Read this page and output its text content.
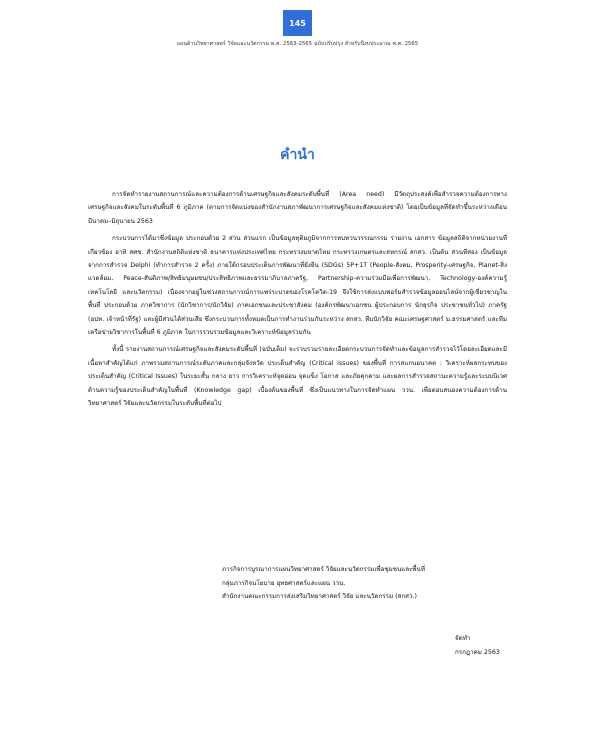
145
แผนด้านวิทยาศาสตร์ วิจัยและนวัตกรรม พ.ศ. 2563-2565 ฉบับปรับปรุง สำหรับปีงบประมาณ พ.ศ. 2565
คำนำ

การจัดทำรายงานสถานการณ์และความต้องการด้านเศรษฐกิจและสังคมระดับพื้นที่ (Area need) มีวัตถุประสงค์เพื่อสำรวจความต้องการทางเศรษฐกิจและสังคมในระดับพื้นที่ 6 ภูมิภาค (ตามการจัดแบ่งของสำนักงานสภาพัฒนาการเศรษฐกิจและสังคมแห่งชาติ) โดยเป็นข้อมูลที่จัดทำขึ้นระหว่างเดือนมีนาคม–มิถุนายน 2563

กระบวนการได้มาซึ่งข้อมูล ประกอบด้วย 2 ส่วน ส่วนแรก เป็นข้อมูลทุติยภูมิจากการทบทวนวรรณกรรม รายงาน เอกสาร ข้อมูลสถิติจากหน่วยงานที่เกี่ยวข้อง อาทิ สศช. สำนักงานสถิติแห่งชาติ ธนาคารแห่งประเทศไทย กระทรวงมหาดไทย กระทรวงเกษตรและสหกรณ์ สกสว. เป็นต้น ส่วนที่สอง เป็นข้อมูลจากการสำรวจ Delphi (ทำการสำรวจ 2 ครั้ง) ภายใต้กรอบประเด็นการพัฒนาที่ยั่งยืน (SDGs) 5P+1T (People-สังคม, Prosperity-เศรษฐกิจ, Planet-สิ่งแวดล้อม, Peace-สันติภาพ/สิทธิมนุษยชน/ประสิทธิภาพและธรรมาภิบาลภาครัฐ, Partnership-ความร่วมมือเพื่อการพัฒนา, Technology-องค์ความรู้ เทคโนโลยี และนวัตกรรม) เนื่องจากอยู่ในช่วงสถานการณ์การแพร่ระบาดของโรคโควิด-19 จึงใช้การส่งแบบฟอร์มสำรวจข้อมูลออนไลน์จากผู้เชี่ยวชาญในพื้นที่ ประกอบด้วย ภาควิชาการ (นักวิชาการ/นักวิจัย) ภาคเอกชนและประชาสังคม (องค์กรพัฒนาเอกชน ผู้ประกอบการ นักธุรกิจ ประชาชนทั่วไป) ภาครัฐ (อปท. เจ้าหน้าที่รัฐ) และผู้มีส่วนได้ส่วนเสีย ซึ่งกระบวนการทั้งหมดเป็นการทำงานร่วมกันระหว่าง สกสว. ทีมนักวิจัย คณะเศรษฐศาสตร์ ม.ธรรมศาสตร์ และทีมเครือข่ายวิชาการในพื้นที่ 6 ภูมิภาค ในการรวบรวมข้อมูลและวิเคราะห์ข้อมูลร่วมกัน

ทั้งนี้ รายงานสถานการณ์เศรษฐกิจและสังคมระดับพื้นที่ (ฉบับเต็ม) จะรวบรวมรายละเอียดกระบวนการจัดทำและข้อมูลการสำรวจไว้โดยละเอียดและมีเนื้อหาสำคัญได้แก่ ภาพรวมสถานการณ์ระดับภาคและกลุ่มจังหวัด ประเด็นสำคัญ (Critical issues) ของพื้นที่ การสแกนอนาคต : วิเคราะห์ผลกระทบของประเด็นสำคัญ (Critical Issues) ในระยะสั้น กลาง ยาว การวิเคราะห์จุดอ่อน จุดแข็ง โอกาส และภัยคุกคาม และผลการสำรวจสถานะความรู้และระบบนิเวศด้านความรู้ของประเด็นสำคัญในพื้นที่ (Knowledge gap) เบื้องต้นของพื้นที่ ซึ่งเป็นแนวทางในการจัดทำแผน ววน. เพื่อตอบสนองความต้องการด้านวิทยาศาสตร์ วิจัยและนวัตกรรมในระดับพื้นที่ต่อไป

ภารกิจการบูรณาการแผนวิทยาศาสตร์ วิจัยและนวัตกรรมเพื่อชุมชนและพื้นที่
กลุ่มภารกิจนโยบาย ยุทธศาสตร์และแผน ววน.
สำนักงานคณะกรรมการส่งเสริมวิทยาศาสตร์ วิจัย และนวัตกรรม (สกสว.)
จัดทำ
กรกฎาคม 2563
